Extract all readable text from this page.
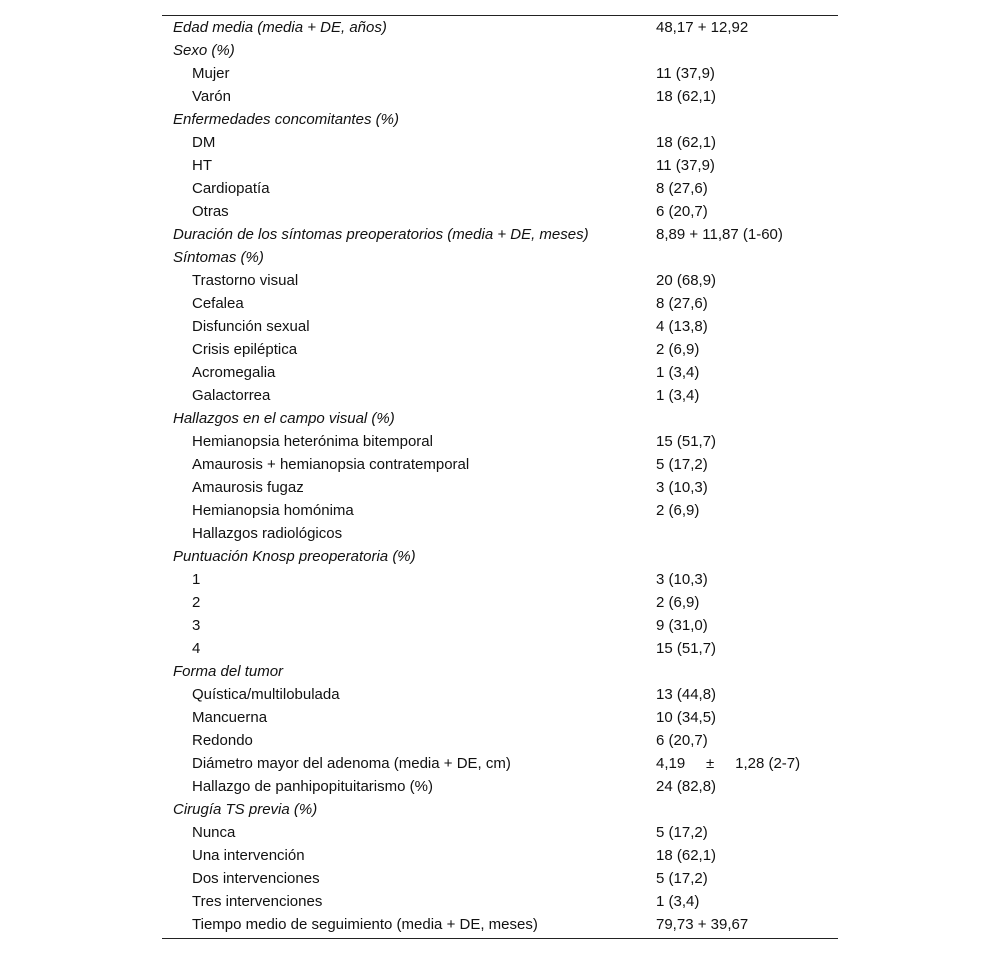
Edad media (media + DE, años)	48,17 + 12,92
Sexo (%)
Mujer	11 (37,9)
Varón	18 (62,1)
Enfermedades concomitantes (%)
DM	18 (62,1)
HT	11 (37,9)
Cardiopatía	8 (27,6)
Otras	6 (20,7)
Duración de los síntomas preoperatorios (media + DE, meses)	8,89 + 11,87 (1-60)
Síntomas (%)
Trastorno visual	20 (68,9)
Cefalea	8 (27,6)
Disfunción sexual	4 (13,8)
Crisis epiléptica	2 (6,9)
Acromegalia	1 (3,4)
Galactorrea	1 (3,4)
Hallazgos en el campo visual (%)
Hemianopsia heterónima bitemporal	15 (51,7)
Amaurosis + hemianopsia contratemporal	5 (17,2)
Amaurosis fugaz	3 (10,3)
Hemianopsia homónima	2 (6,9)
Hallazgos radiológicos
Puntuación Knosp preoperatoria (%)
1	3 (10,3)
2	2 (6,9)
3	9 (31,0)
4	15 (51,7)
Forma del tumor
Quística/multilobulada	13 (44,8)
Mancuerna	10 (34,5)
Redondo	6 (20,7)
Diámetro mayor del adenoma (media + DE, cm)	4,19     ±     1,28 (2-7)
Hallazgo de panhipopituitarismo (%)	24 (82,8)
Cirugía TS previa (%)
Nunca	5 (17,2)
Una intervención	18 (62,1)
Dos intervenciones	5 (17,2)
Tres intervenciones	1 (3,4)
Tiempo medio de seguimiento (media + DE, meses)	79,73 + 39,67
